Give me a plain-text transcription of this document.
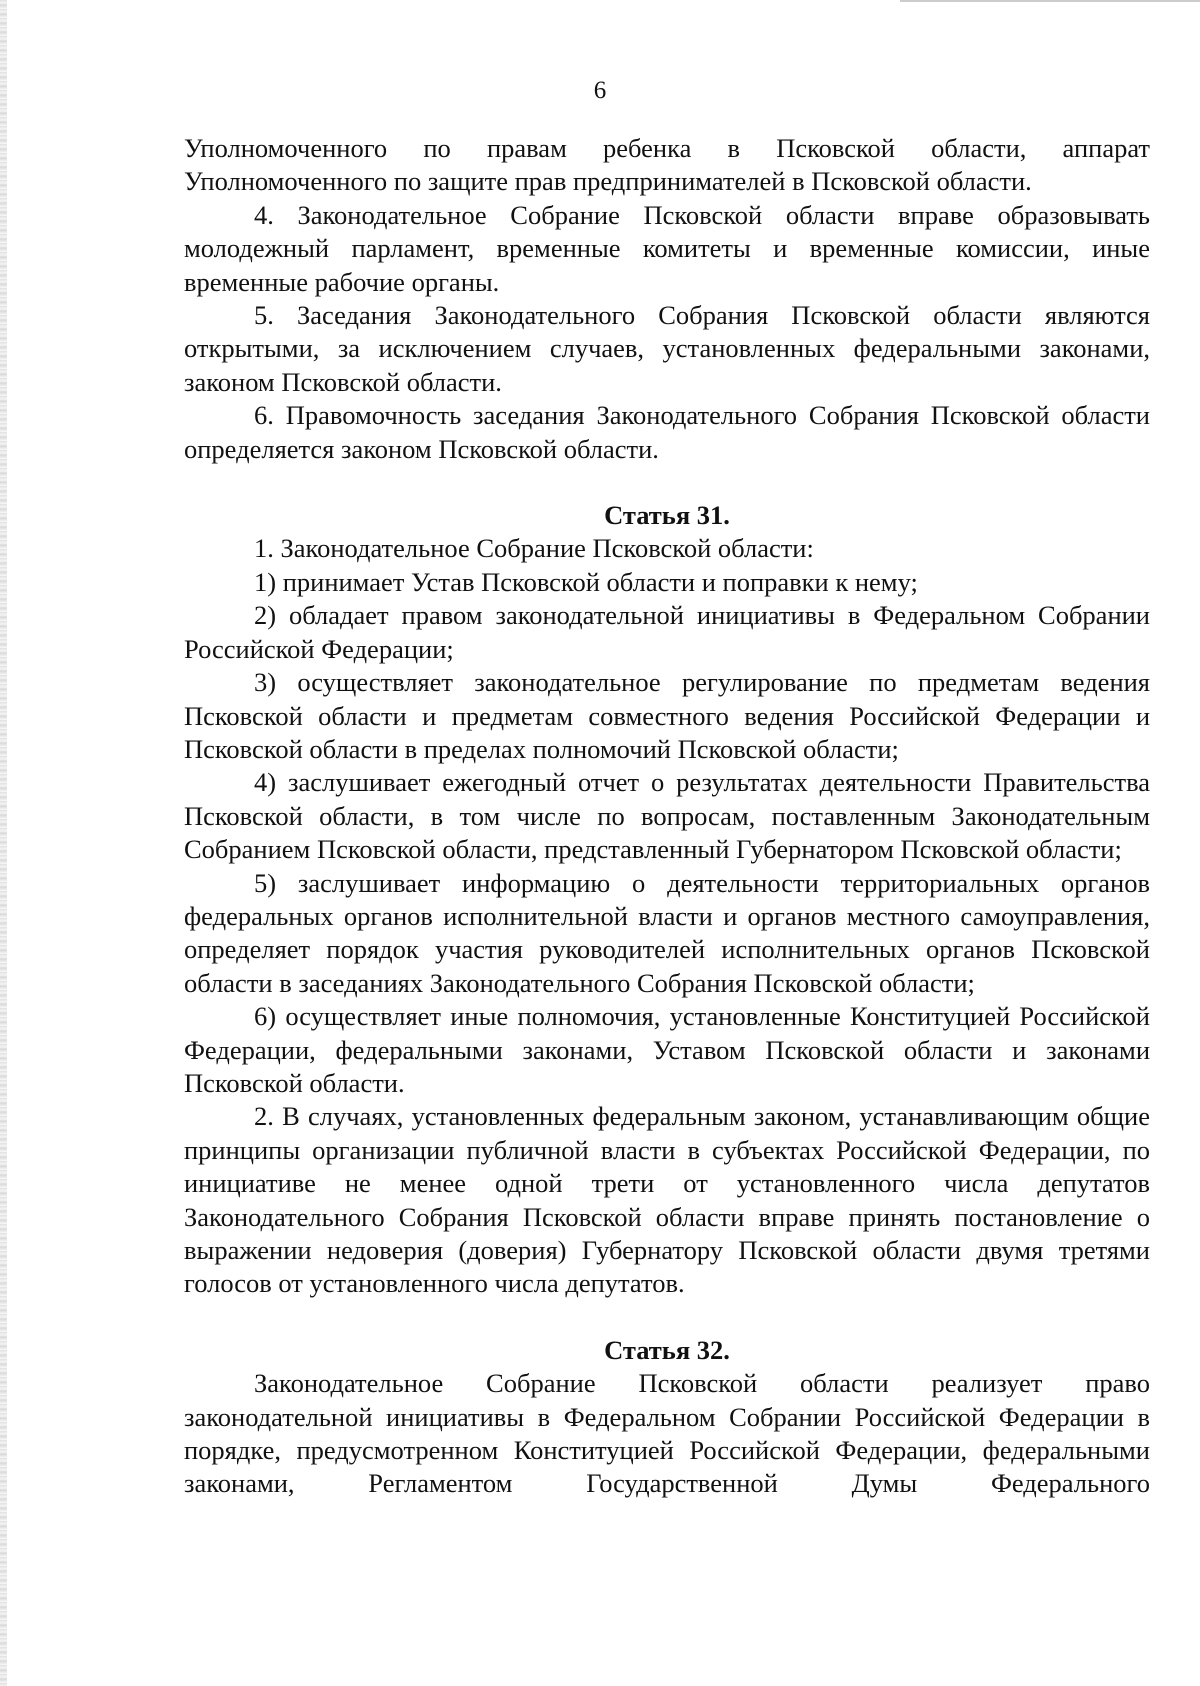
6

Уполномоченного по правам ребенка в Псковской области, аппарат Уполномоченного по защите прав предпринимателей в Псковской области.

4. Законодательное Собрание Псковской области вправе образовывать молодежный парламент, временные комитеты и временные комиссии, иные временные рабочие органы.

5. Заседания Законодательного Собрания Псковской области являются открытыми, за исключением случаев, установленных федеральными законами, законом Псковской области.

6. Правомочность заседания Законодательного Собрания Псковской области определяется законом Псковской области.

Статья 31.

1. Законодательное Собрание Псковской области:

1) принимает Устав Псковской области и поправки к нему;

2) обладает правом законодательной инициативы в Федеральном Собрании Российской Федерации;

3) осуществляет законодательное регулирование по предметам ведения Псковской области и предметам совместного ведения Российской Федерации и Псковской области в пределах полномочий Псковской области;

4) заслушивает ежегодный отчет о результатах деятельности Правительства Псковской области, в том числе по вопросам, поставленным Законодательным Собранием Псковской области, представленный Губернатором Псковской области;

5) заслушивает информацию о деятельности территориальных органов федеральных органов исполнительной власти и органов местного самоуправления, определяет порядок участия руководителей исполнительных органов Псковской области в заседаниях Законодательного Собрания Псковской области;

6) осуществляет иные полномочия, установленные Конституцией Российской Федерации, федеральными законами, Уставом Псковской области и законами Псковской области.

2. В случаях, установленных федеральным законом, устанавливающим общие принципы организации публичной власти в субъектах Российской Федерации, по инициативе не менее одной трети от установленного числа депутатов Законодательного Собрания Псковской области вправе принять постановление о выражении недоверия (доверия) Губернатору Псковской области двумя третями голосов от установленного числа депутатов.

Статья 32.

Законодательное Собрание Псковской области реализует право законодательной инициативы в Федеральном Собрании Российской Федерации в порядке, предусмотренном Конституцией Российской Федерации, федеральными законами, Регламентом Государственной Думы Федерального
